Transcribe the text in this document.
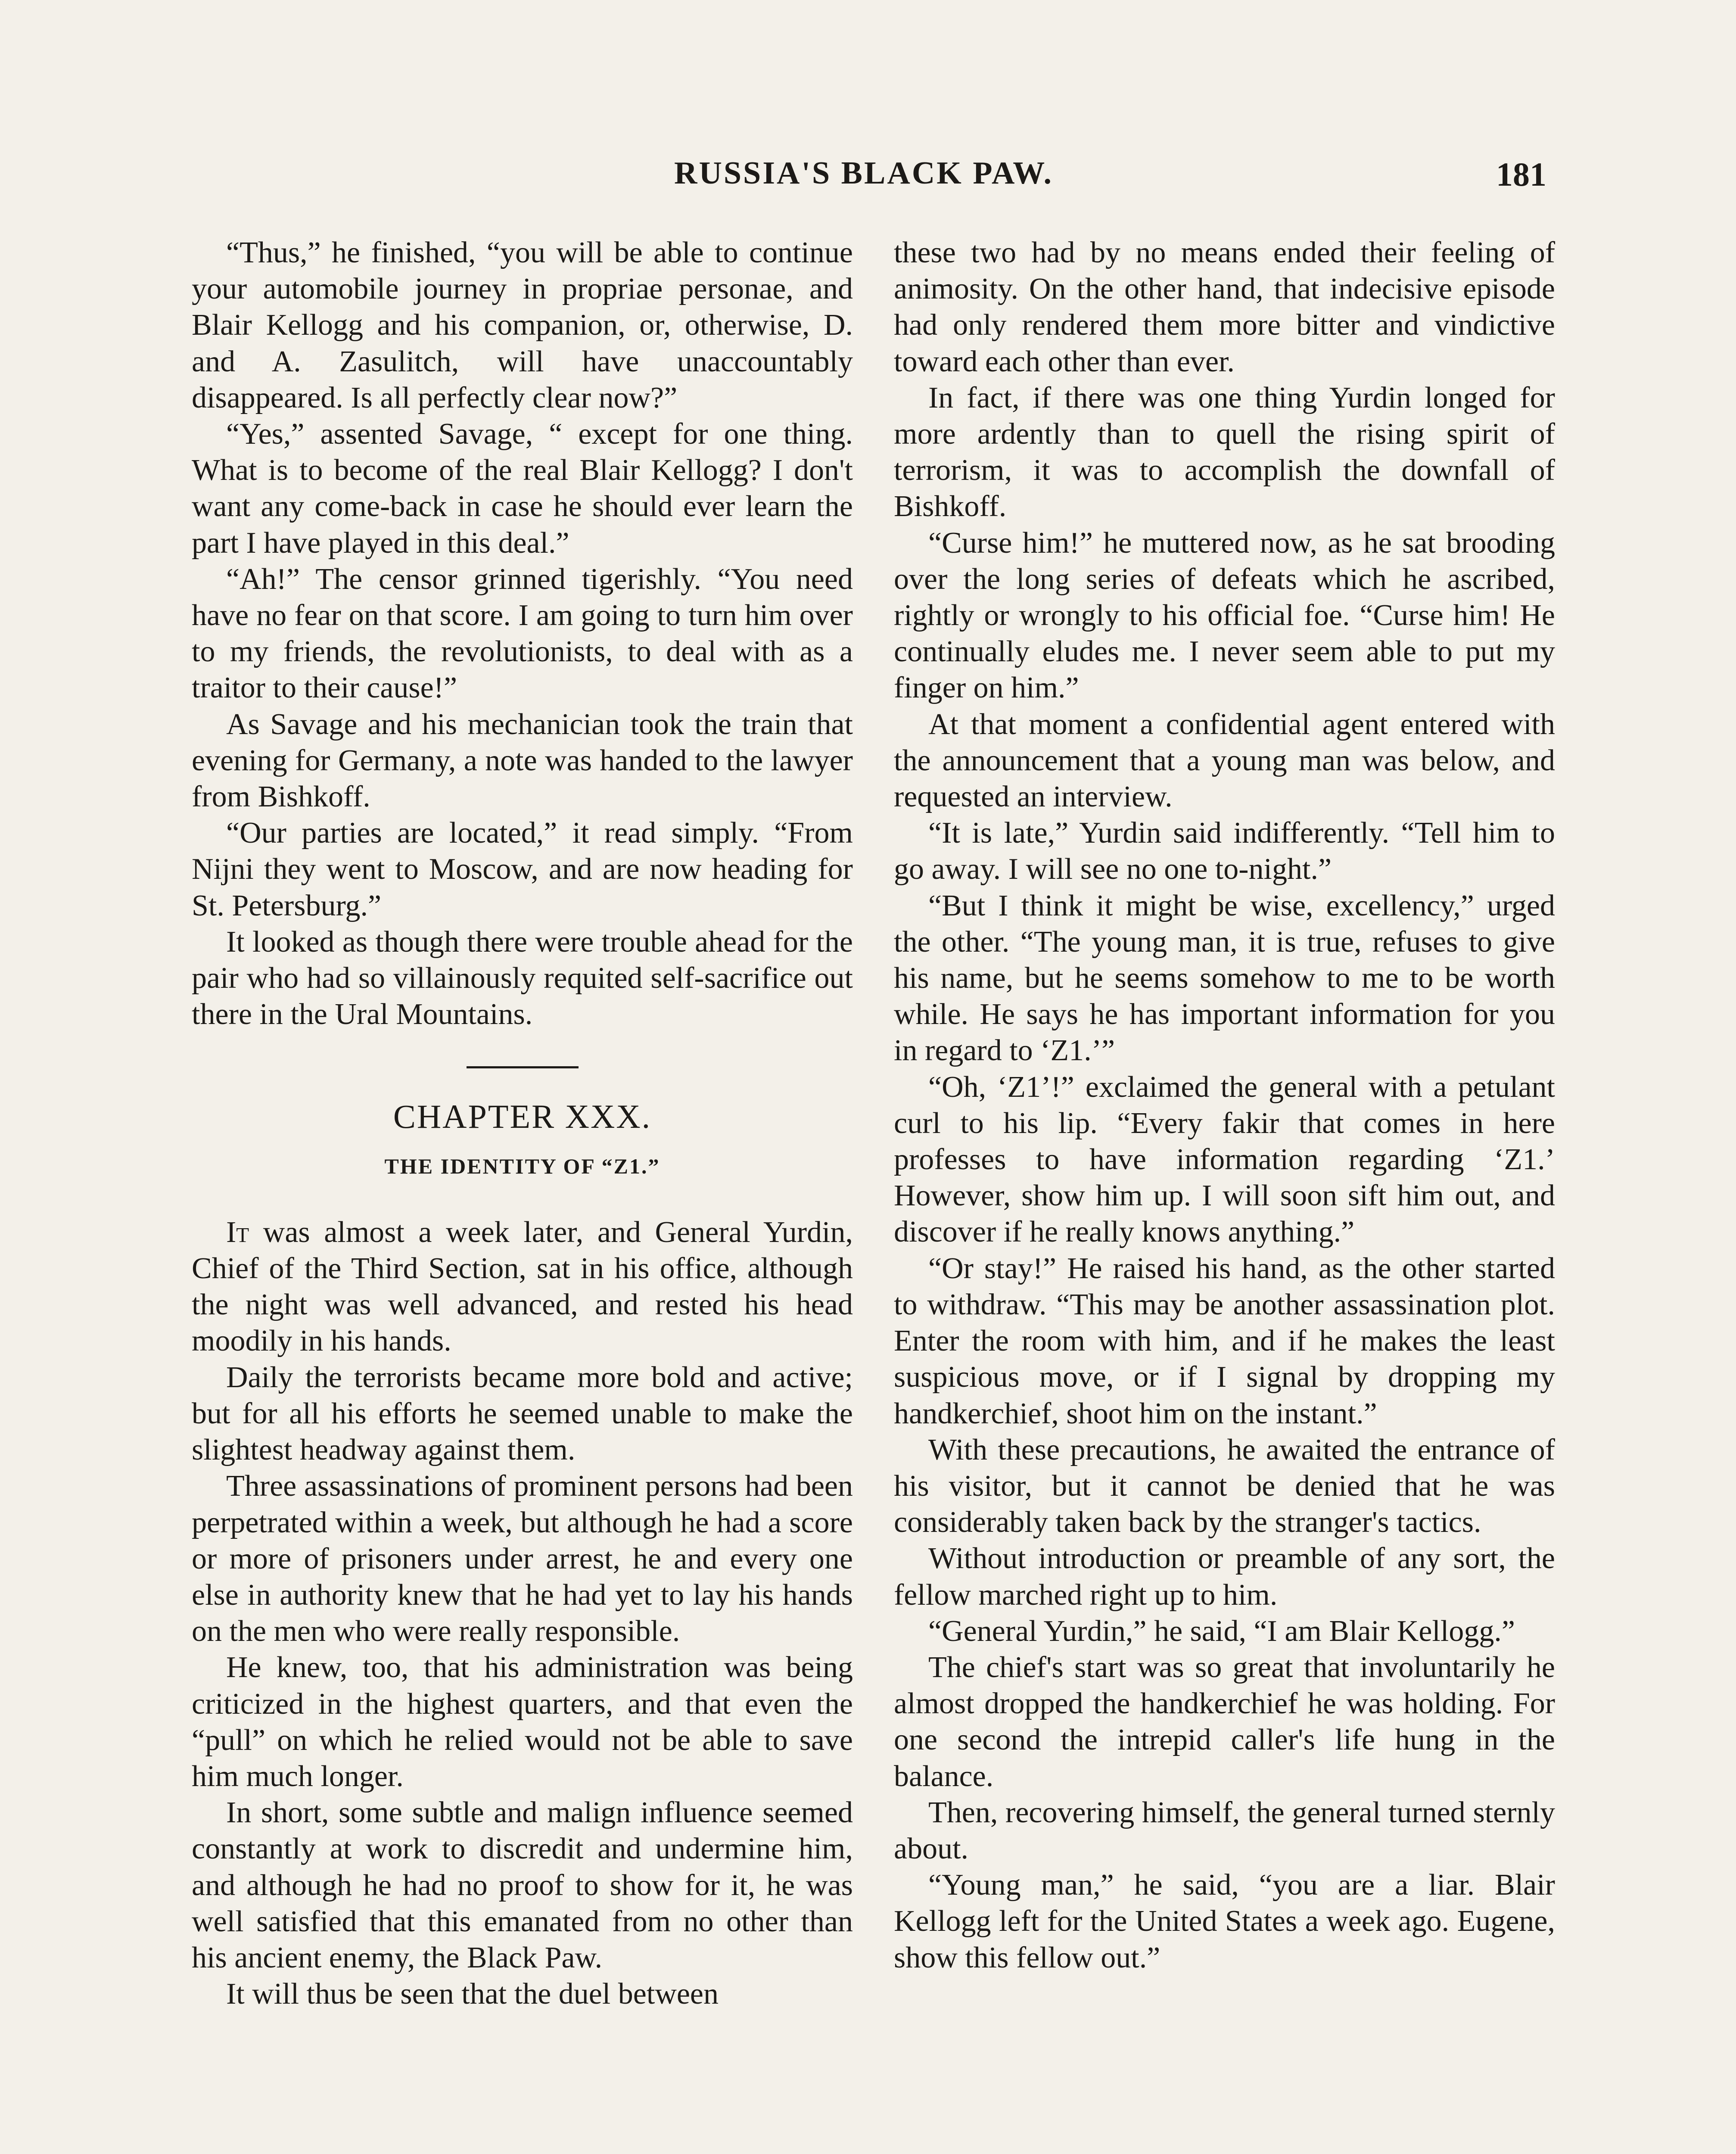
RUSSIA'S BLACK PAW.	181

“Thus,” he finished, “you will be able to continue your automobile journey in propriae personae, and Blair Kellogg and his companion, or, otherwise, D. and A. Zasulitch, will have unaccountably disappeared. Is all perfectly clear now?”

“Yes,” assented Savage, “ except for one thing. What is to become of the real Blair Kellogg? I don't want any come-back in case he should ever learn the part I have played in this deal.”

“Ah!” The censor grinned tigerishly. “You need have no fear on that score. I am going to turn him over to my friends, the revolutionists, to deal with as a traitor to their cause!”

As Savage and his mechanician took the train that evening for Germany, a note was handed to the lawyer from Bishkoff.

“Our parties are located,” it read simply. “From Nijni they went to Moscow, and are now heading for St. Petersburg.”

It looked as though there were trouble ahead for the pair who had so villainously requited self-sacrifice out there in the Ural Mountains.

CHAPTER XXX.
THE IDENTITY OF “Z1.”

It was almost a week later, and General Yurdin, Chief of the Third Section, sat in his office, although the night was well advanced, and rested his head moodily in his hands.

Daily the terrorists became more bold and active; but for all his efforts he seemed unable to make the slightest headway against them.

Three assassinations of prominent persons had been perpetrated within a week, but although he had a score or more of prisoners under arrest, he and every one else in authority knew that he had yet to lay his hands on the men who were really responsible.

He knew, too, that his administration was being criticized in the highest quarters, and that even the “pull” on which he relied would not be able to save him much longer.

In short, some subtle and malign influence seemed constantly at work to discredit and undermine him, and although he had no proof to show for it, he was well satisfied that this emanated from no other than his ancient enemy, the Black Paw.

It will thus be seen that the duel between

these two had by no means ended their feeling of animosity. On the other hand, that indecisive episode had only rendered them more bitter and vindictive toward each other than ever.

In fact, if there was one thing Yurdin longed for more ardently than to quell the rising spirit of terrorism, it was to accomplish the downfall of Bishkoff.

“Curse him!” he muttered now, as he sat brooding over the long series of defeats which he ascribed, rightly or wrongly to his official foe. “Curse him! He continually eludes me. I never seem able to put my finger on him.”

At that moment a confidential agent entered with the announcement that a young man was below, and requested an interview.

“It is late,” Yurdin said indifferently. “Tell him to go away. I will see no one to-night.”

“But I think it might be wise, excellency,” urged the other. “The young man, it is true, refuses to give his name, but he seems somehow to me to be worth while. He says he has important information for you in regard to ‘Z1.’”

“Oh, ‘Z1’!” exclaimed the general with a petulant curl to his lip. “Every fakir that comes in here professes to have information regarding ‘Z1.’ However, show him up. I will soon sift him out, and discover if he really knows anything.”

“Or stay!” He raised his hand, as the other started to withdraw. “This may be another assassination plot. Enter the room with him, and if he makes the least suspicious move, or if I signal by dropping my handkerchief, shoot him on the instant.”

With these precautions, he awaited the entrance of his visitor, but it cannot be denied that he was considerably taken back by the stranger's tactics.

Without introduction or preamble of any sort, the fellow marched right up to him.

“General Yurdin,” he said, “I am Blair Kellogg.”

The chief's start was so great that involuntarily he almost dropped the handkerchief he was holding. For one second the intrepid caller's life hung in the balance.

Then, recovering himself, the general turned sternly about.

“Young man,” he said, “you are a liar. Blair Kellogg left for the United States a week ago. Eugene, show this fellow out.”
